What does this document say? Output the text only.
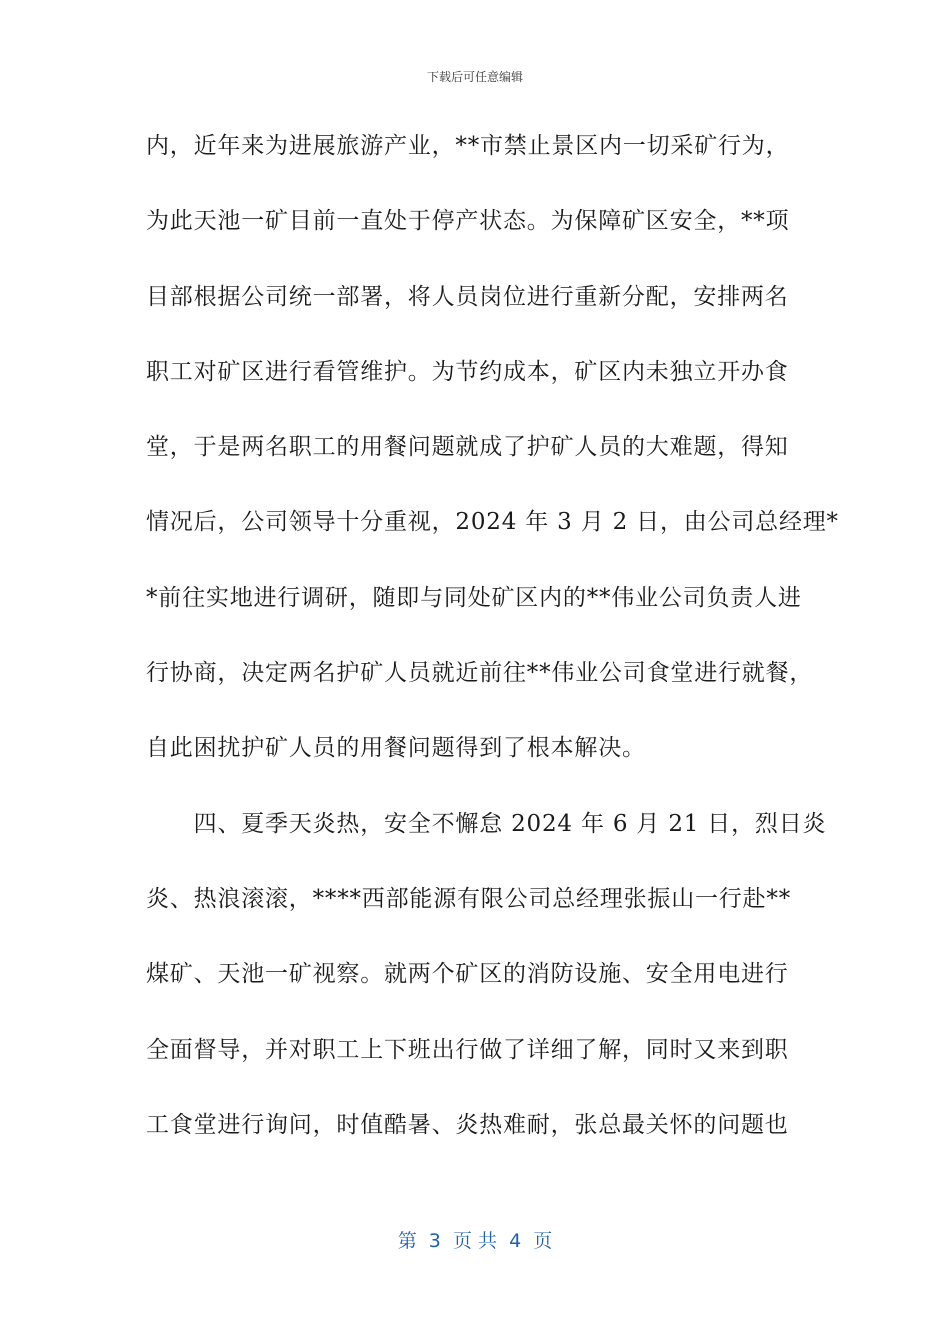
下载后可任意编辑
内，近年来为进展旅游产业，**市禁止景区内一切采矿行为，
为此天池一矿目前一直处于停产状态。为保障矿区安全，**项
目部根据公司统一部署，将人员岗位进行重新分配，安排两名
职工对矿区进行看管维护。为节约成本，矿区内未独立开办食
堂，于是两名职工的用餐问题就成了护矿人员的大难题，得知
情况后，公司领导十分重视，2024 年 3 月 2 日，由公司总经理*
*前往实地进行调研，随即与同处矿区内的**伟业公司负责人进
行协商，决定两名护矿人员就近前往**伟业公司食堂进行就餐，
自此困扰护矿人员的用餐问题得到了根本解决。
　　四、夏季天炎热，安全不懈怠 2024 年 6 月 21 日，烈日炎
炎、热浪滚滚，****西部能源有限公司总经理张振山一行赴**
煤矿、天池一矿视察。就两个矿区的消防设施、安全用电进行
全面督导，并对职工上下班出行做了详细了解，同时又来到职
工食堂进行询问，时值酷暑、炎热难耐，张总最关怀的问题也
第  3  页 共  4  页
